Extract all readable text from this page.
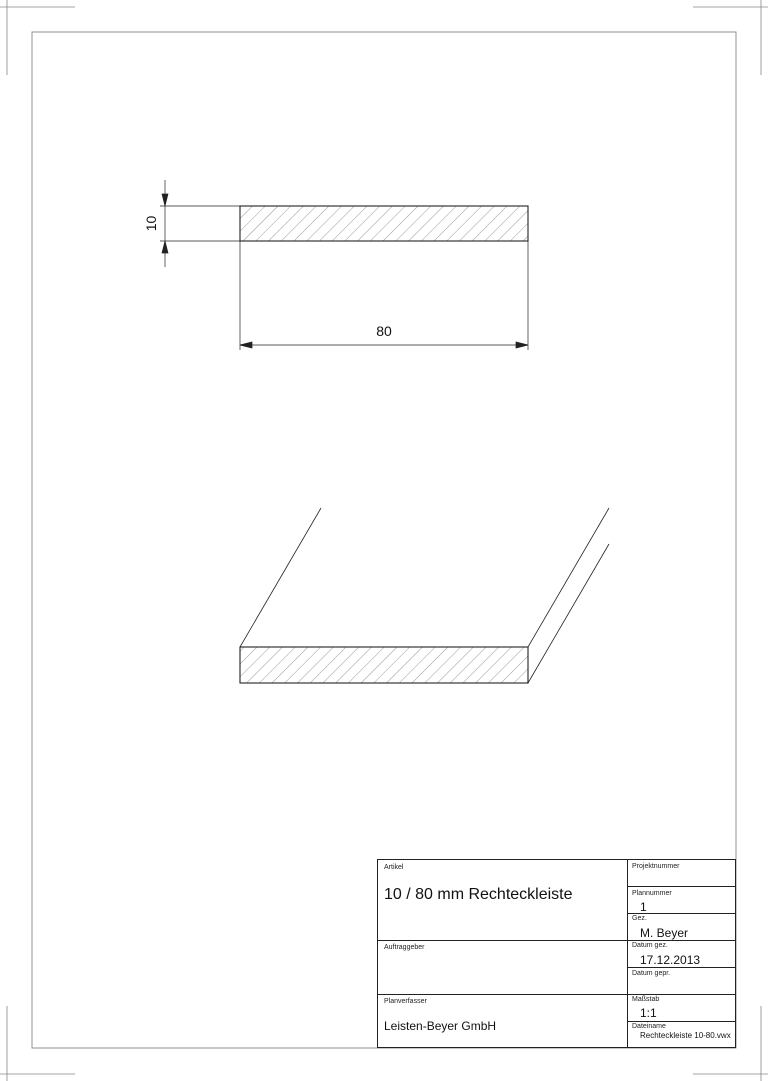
10
80
Artikel
10 / 80 mm Rechteckleiste
Auftraggeber
Planverfasser
Leisten-Beyer GmbH
Projektnummer
Plannummer
1
Gez.
M. Beyer
Datum gez.
17.12.2013
Datum gepr.
Maßstab
1:1
Dateiname
Rechteckleiste 10-80.vwx
